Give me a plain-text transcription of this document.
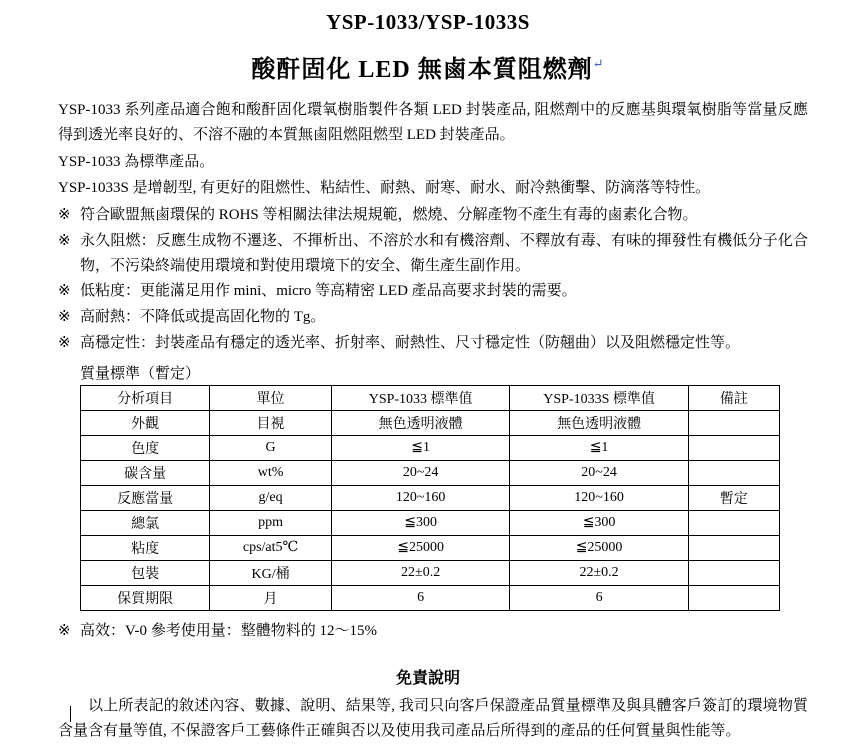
YSP-1033/YSP-1033S
酸酐固化 LED 無鹵本質阻燃劑↵
YSP-1033 系列產品適合飽和酸酐固化環氧樹脂製件各類 LED 封裝產品, 阻燃劑中的反應基與環氧樹脂等當量反應得到透光率良好的、不溶不融的本質無鹵阻燃阻燃型 LED 封裝產品。
YSP-1033 為標準產品。
YSP-1033S 是增韌型, 有更好的阻燃性、粘結性、耐熱、耐寒、耐水、耐冷熱衝擊、防滴落等特性。
※ 符合歐盟無鹵環保的 ROHS 等相關法律法規規範，燃燒、分解產物不產生有毒的鹵素化合物。
※ 永久阻燃：反應生成物不遷迻、不揮析出、不溶於水和有機溶劑、不釋放有毒、有味的揮發性有機低分子化合物，不污染終端使用環境和對使用環境下的安全、衛生產生副作用。
※ 低粘度：更能滿足用作 mini、micro 等高精密 LED 產品高要求封裝的需要。
※ 高耐熱：不降低或提高固化物的 Tg。
※ 高穩定性：封裝產品有穩定的透光率、折射率、耐熱性、尺寸穩定性（防翹曲）以及阻燃穩定性等。
質量標準（暫定）
分析項目	單位	YSP-1033 標準值	YSP-1033S 標準值	備註
外觀	目視	無色透明液體	無色透明液體	
色度	G	≦1	≦1	
碳含量	wt%	20~24	20~24	
反應當量	g/eq	120~160	120~160	暫定
總氯	ppm	≦300	≦300	
粘度	cps/at5℃	≦25000	≦25000	
包裝	KG/桶	22±0.2	22±0.2	
保質期限	月	6	6	
※ 高效：V-0 參考使用量：整體物料的 12～15%
免責說明
以上所表記的敘述內容、數據、說明、結果等, 我司只向客戶保證產品質量標準及與具體客戶簽訂的環境物質含量含有量等值, 不保證客戶工藝條件正確與否以及使用我司產品后所得到的產品的任何質量與性能等。
